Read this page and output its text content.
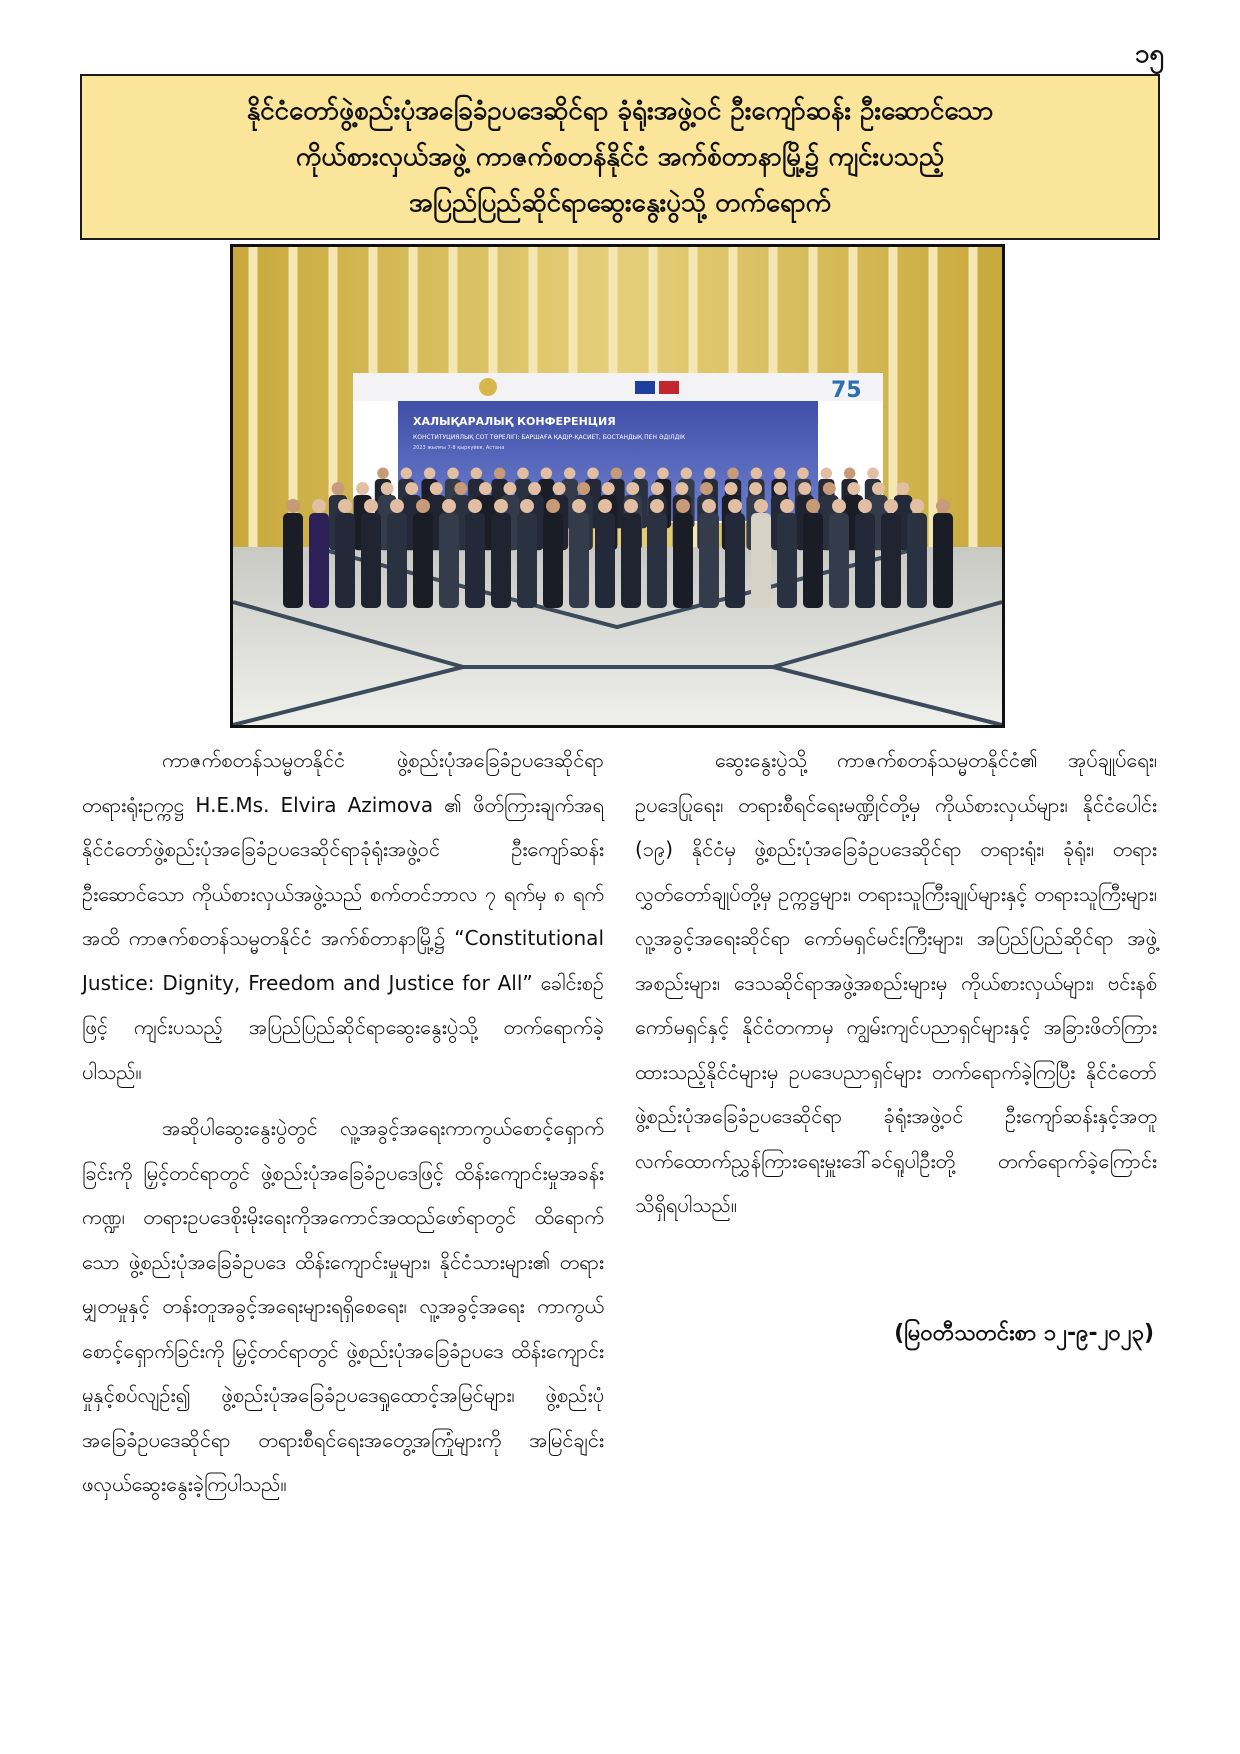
၁၅
နိုင်ငံတော်ဖွဲ့စည်းပုံအခြေခံဥပဒေဆိုင်ရာ ခုံရုံးအဖွဲ့ဝင် ဦးကျော်ဆန်း ဦးဆောင်သော
ကိုယ်စားလှယ်အဖွဲ့ ကာဇက်စတန်နိုင်ငံ အက်စ်တာနာမြို့၌ ကျင်းပသည့်
အပြည်ပြည်ဆိုင်ရာဆွေးနွေးပွဲသို့ တက်ရောက်
75
ХАЛЫҚАРАЛЫҚ КОНФЕРЕНЦИЯ
КОНСТИТУЦИЯЛЫҚ СОТ ТӨРЕЛІГІ: БАРШАҒА ҚАДІР-ҚАСИЕТ, БОСТАНДЫҚ ПЕН ӘДІЛДІК
2023 жылғы 7-8 қыркүйек, Астана

ကာဇက်စတန်သမ္မတနိုင်ငံ ဖွဲ့စည်းပုံအခြေခံဥပဒေဆိုင်ရာ တရားရုံးဥက္ကဋ္ဌ H.E.Ms. Elvira Azimova ၏ ဖိတ်ကြားချက်အရ နိုင်ငံတော်ဖွဲ့စည်းပုံအခြေခံဥပဒေဆိုင်ရာခုံရုံးအဖွဲ့ဝင် ဦးကျော်ဆန်း ဦးဆောင်သော ကိုယ်စားလှယ်အဖွဲ့သည် စက်တင်ဘာလ ၇ ရက်မှ ၈ ရက်အထိ ကာဇက်စတန်သမ္မတနိုင်ငံ အက်စ်တာနာမြို့၌ “Constitutional Justice: Dignity, Freedom and Justice for All” ခေါင်းစဉ်ဖြင့် ကျင်းပသည့် အပြည်ပြည်ဆိုင်ရာဆွေးနွေးပွဲသို့ တက်ရောက်ခဲ့ပါသည်။

အဆိုပါဆွေးနွေးပွဲတွင် လူ့အခွင့်အရေးကာကွယ်စောင့်ရှောက်ခြင်းကို မြှင့်တင်ရာတွင် ဖွဲ့စည်းပုံအခြေခံဥပဒေဖြင့် ထိန်းကျောင်းမှုအခန်းကဏ္ဍ၊ တရားဥပဒေစိုးမိုးရေးကိုအကောင်အထည်ဖော်ရာတွင် ထိရောက်သော ဖွဲ့စည်းပုံအခြေခံဥပဒေ ထိန်းကျောင်းမှုများ၊ နိုင်ငံသားများ၏ တရားမျှတမှုနှင့် တန်းတူအခွင့်အရေးများရရှိစေရေး၊ လူ့အခွင့်အရေး ကာကွယ်စောင့်ရှောက်ခြင်းကို မြှင့်တင်ရာတွင် ဖွဲ့စည်းပုံအခြေခံဥပဒေ ထိန်းကျောင်းမှုနှင့်စပ်လျဉ်း၍ ဖွဲ့စည်းပုံအခြေခံဥပဒေရှုထောင့်အမြင်များ၊ ဖွဲ့စည်းပုံအခြေခံဥပဒေဆိုင်ရာ တရားစီရင်ရေးအတွေ့အကြုံများကို အမြင်ချင်းဖလှယ်ဆွေးနွေးခဲ့ကြပါသည်။

ဆွေးနွေးပွဲသို့ ကာဇက်စတန်သမ္မတနိုင်ငံ၏ အုပ်ချုပ်ရေး၊ ဥပဒေပြုရေး၊ တရားစီရင်ရေးမဏ္ဍိုင်တို့မှ ကိုယ်စားလှယ်များ၊ နိုင်ငံပေါင်း (၁၉) နိုင်ငံမှ ဖွဲ့စည်းပုံအခြေခံဥပဒေဆိုင်ရာ တရားရုံး၊ ခုံရုံး၊ တရားလွှတ်တော်ချုပ်တို့မှ ဥက္ကဋ္ဌများ၊ တရားသူကြီးချုပ်များနှင့် တရားသူကြီးများ၊ လူ့အခွင့်အရေးဆိုင်ရာ ကော်မရှင်မင်းကြီးများ၊ အပြည်ပြည်ဆိုင်ရာ အဖွဲ့အစည်းများ၊ ဒေသဆိုင်ရာအဖွဲ့အစည်းများမှ ကိုယ်စားလှယ်များ၊ ဗင်းနစ်ကော်မရှင်နှင့် နိုင်ငံတကာမှ ကျွမ်းကျင်ပညာရှင်များနှင့် အခြားဖိတ်ကြားထားသည့်နိုင်ငံများမှ ဥပဒေပညာရှင်များ တက်ရောက်ခဲ့ကြပြီး နိုင်ငံတော်ဖွဲ့စည်းပုံအခြေခံဥပဒေဆိုင်ရာ ခုံရုံးအဖွဲ့ဝင် ဦးကျော်ဆန်းနှင့်အတူ လက်ထောက်ညွှန်ကြားရေးမှူးဒေါ်ခင်ရူပါဦးတို့ တက်ရောက်ခဲ့ကြောင်း သိရှိရပါသည်။

(မြဝတီသတင်းစာ ၁၂-၉-၂၀၂၃)
